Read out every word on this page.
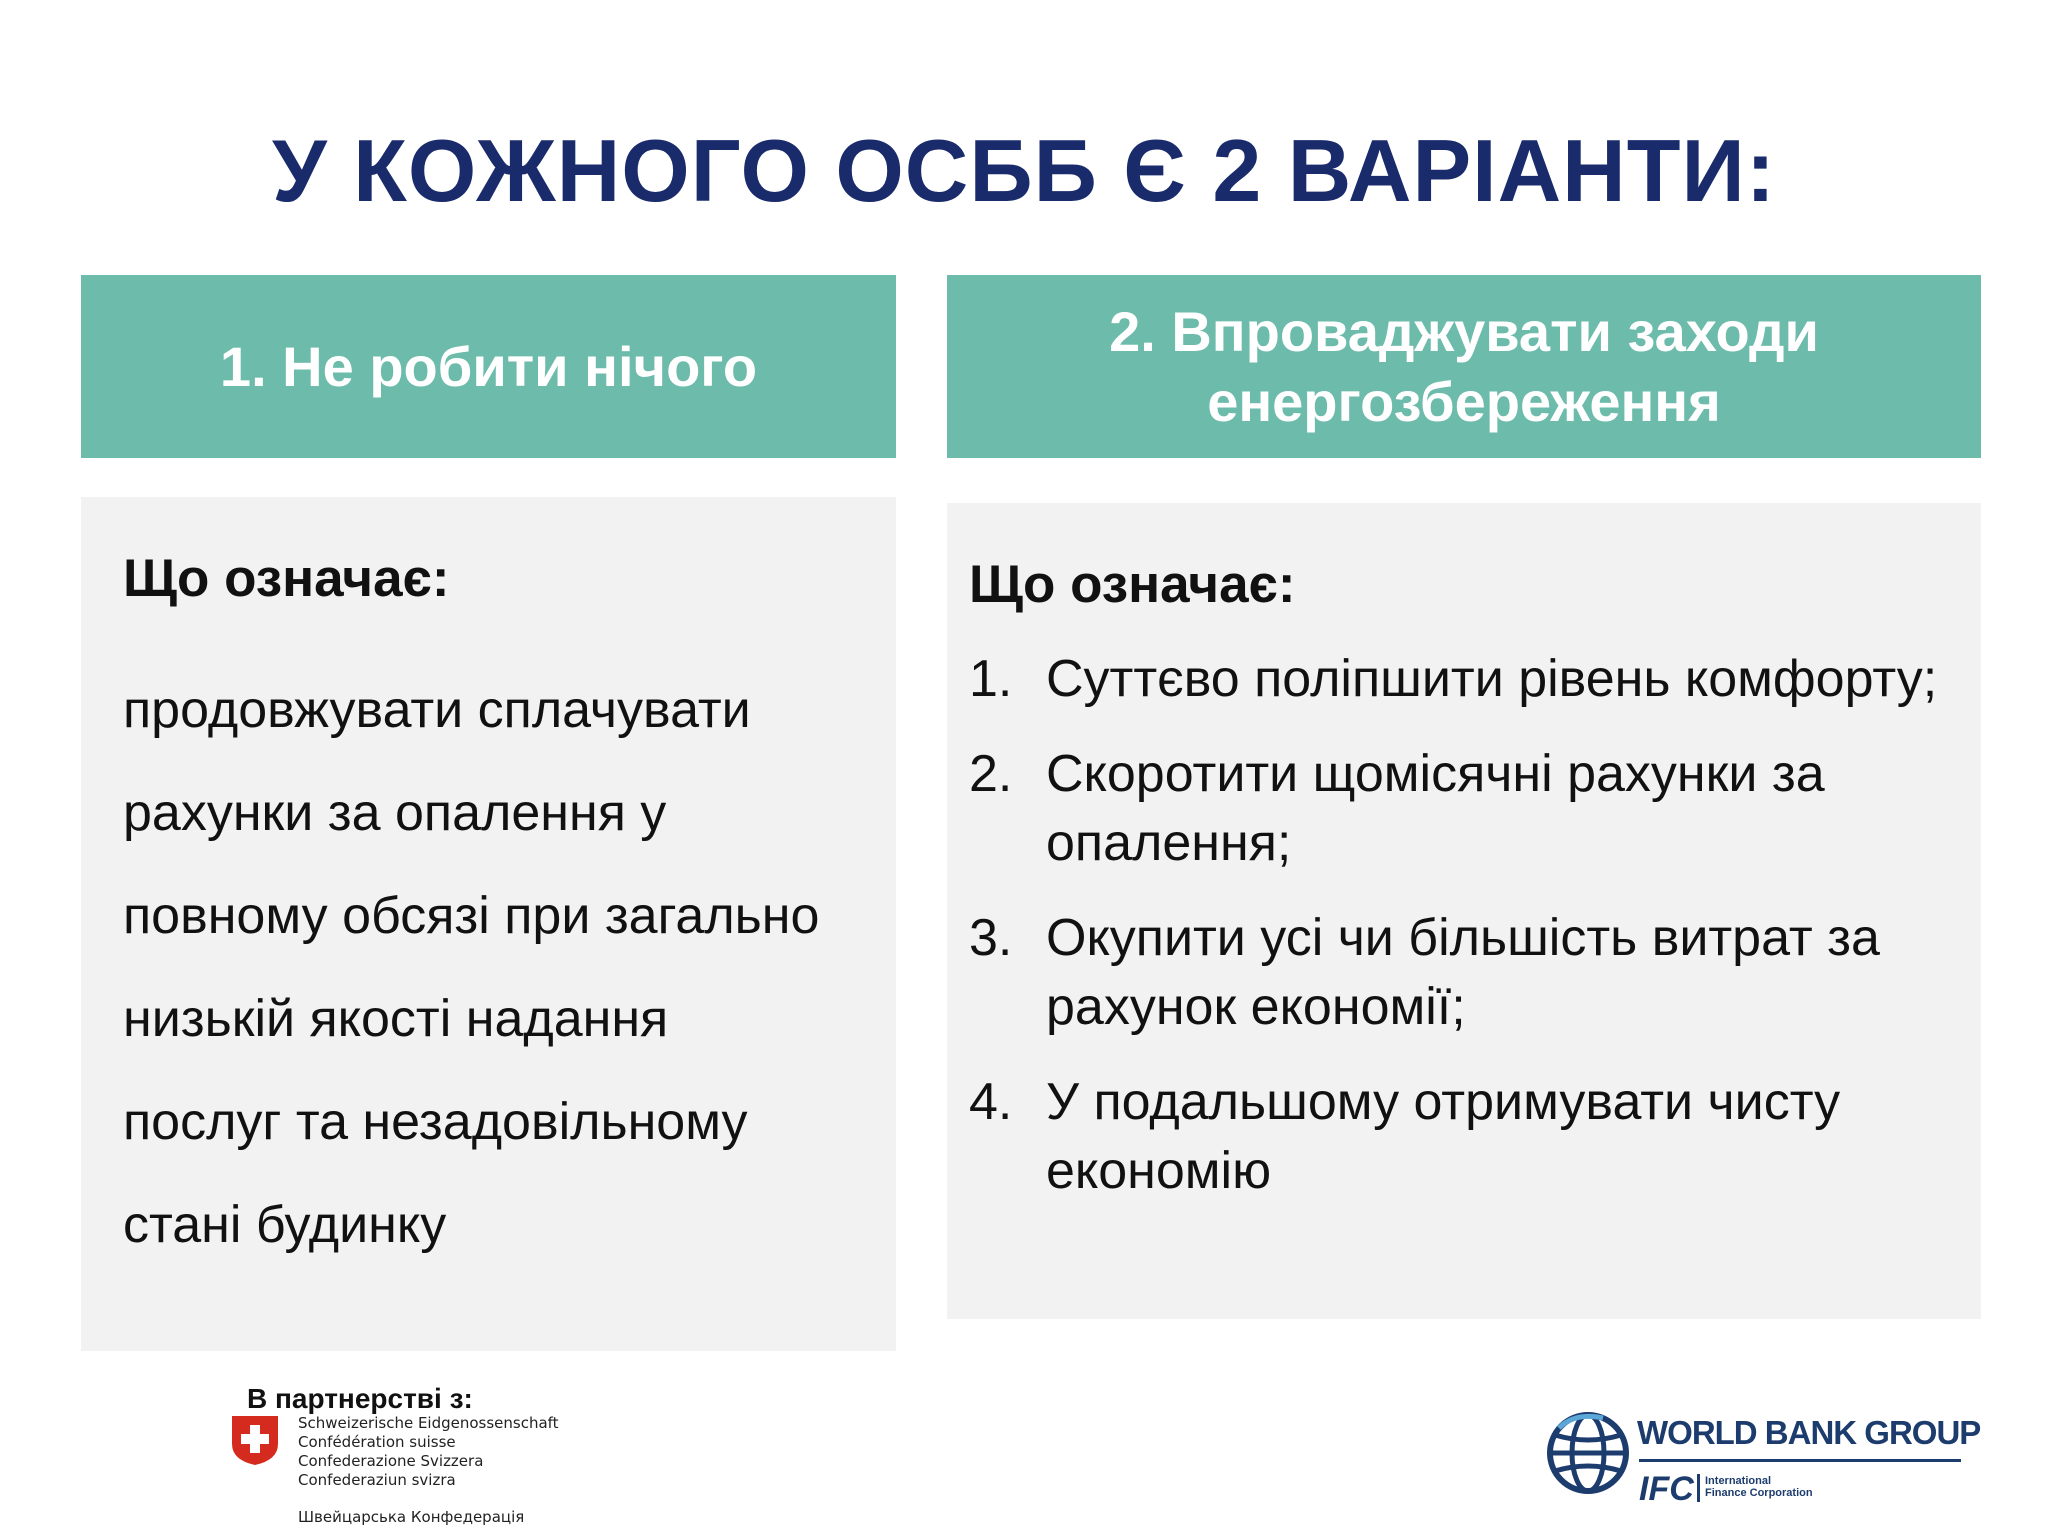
У КОЖНОГО ОСББ Є 2 ВАРІАНТИ:
1. Не робити нічого
2. Впроваджувати заходи
енергозбереження
Що означає:
продовжувати сплачувати
рахунки за опалення у
повному обсязі при загально
низькій якості надання
послуг та незадовільному
стані будинку
Що означає:
1. Суттєво поліпшити рівень комфорту;
2. Скоротити щомісячні рахунки за опалення;
3. Окупити усі чи більшість витрат за рахунок економії;
4. У подальшому отримувати чисту економію
В партнерстві з:
Schweizerische Eidgenossenschaft
Confédération suisse
Confederazione Svizzera
Confederaziun svizra
Швейцарська Конфедерація
WORLD BANK GROUP
IFC International
Finance Corporation
